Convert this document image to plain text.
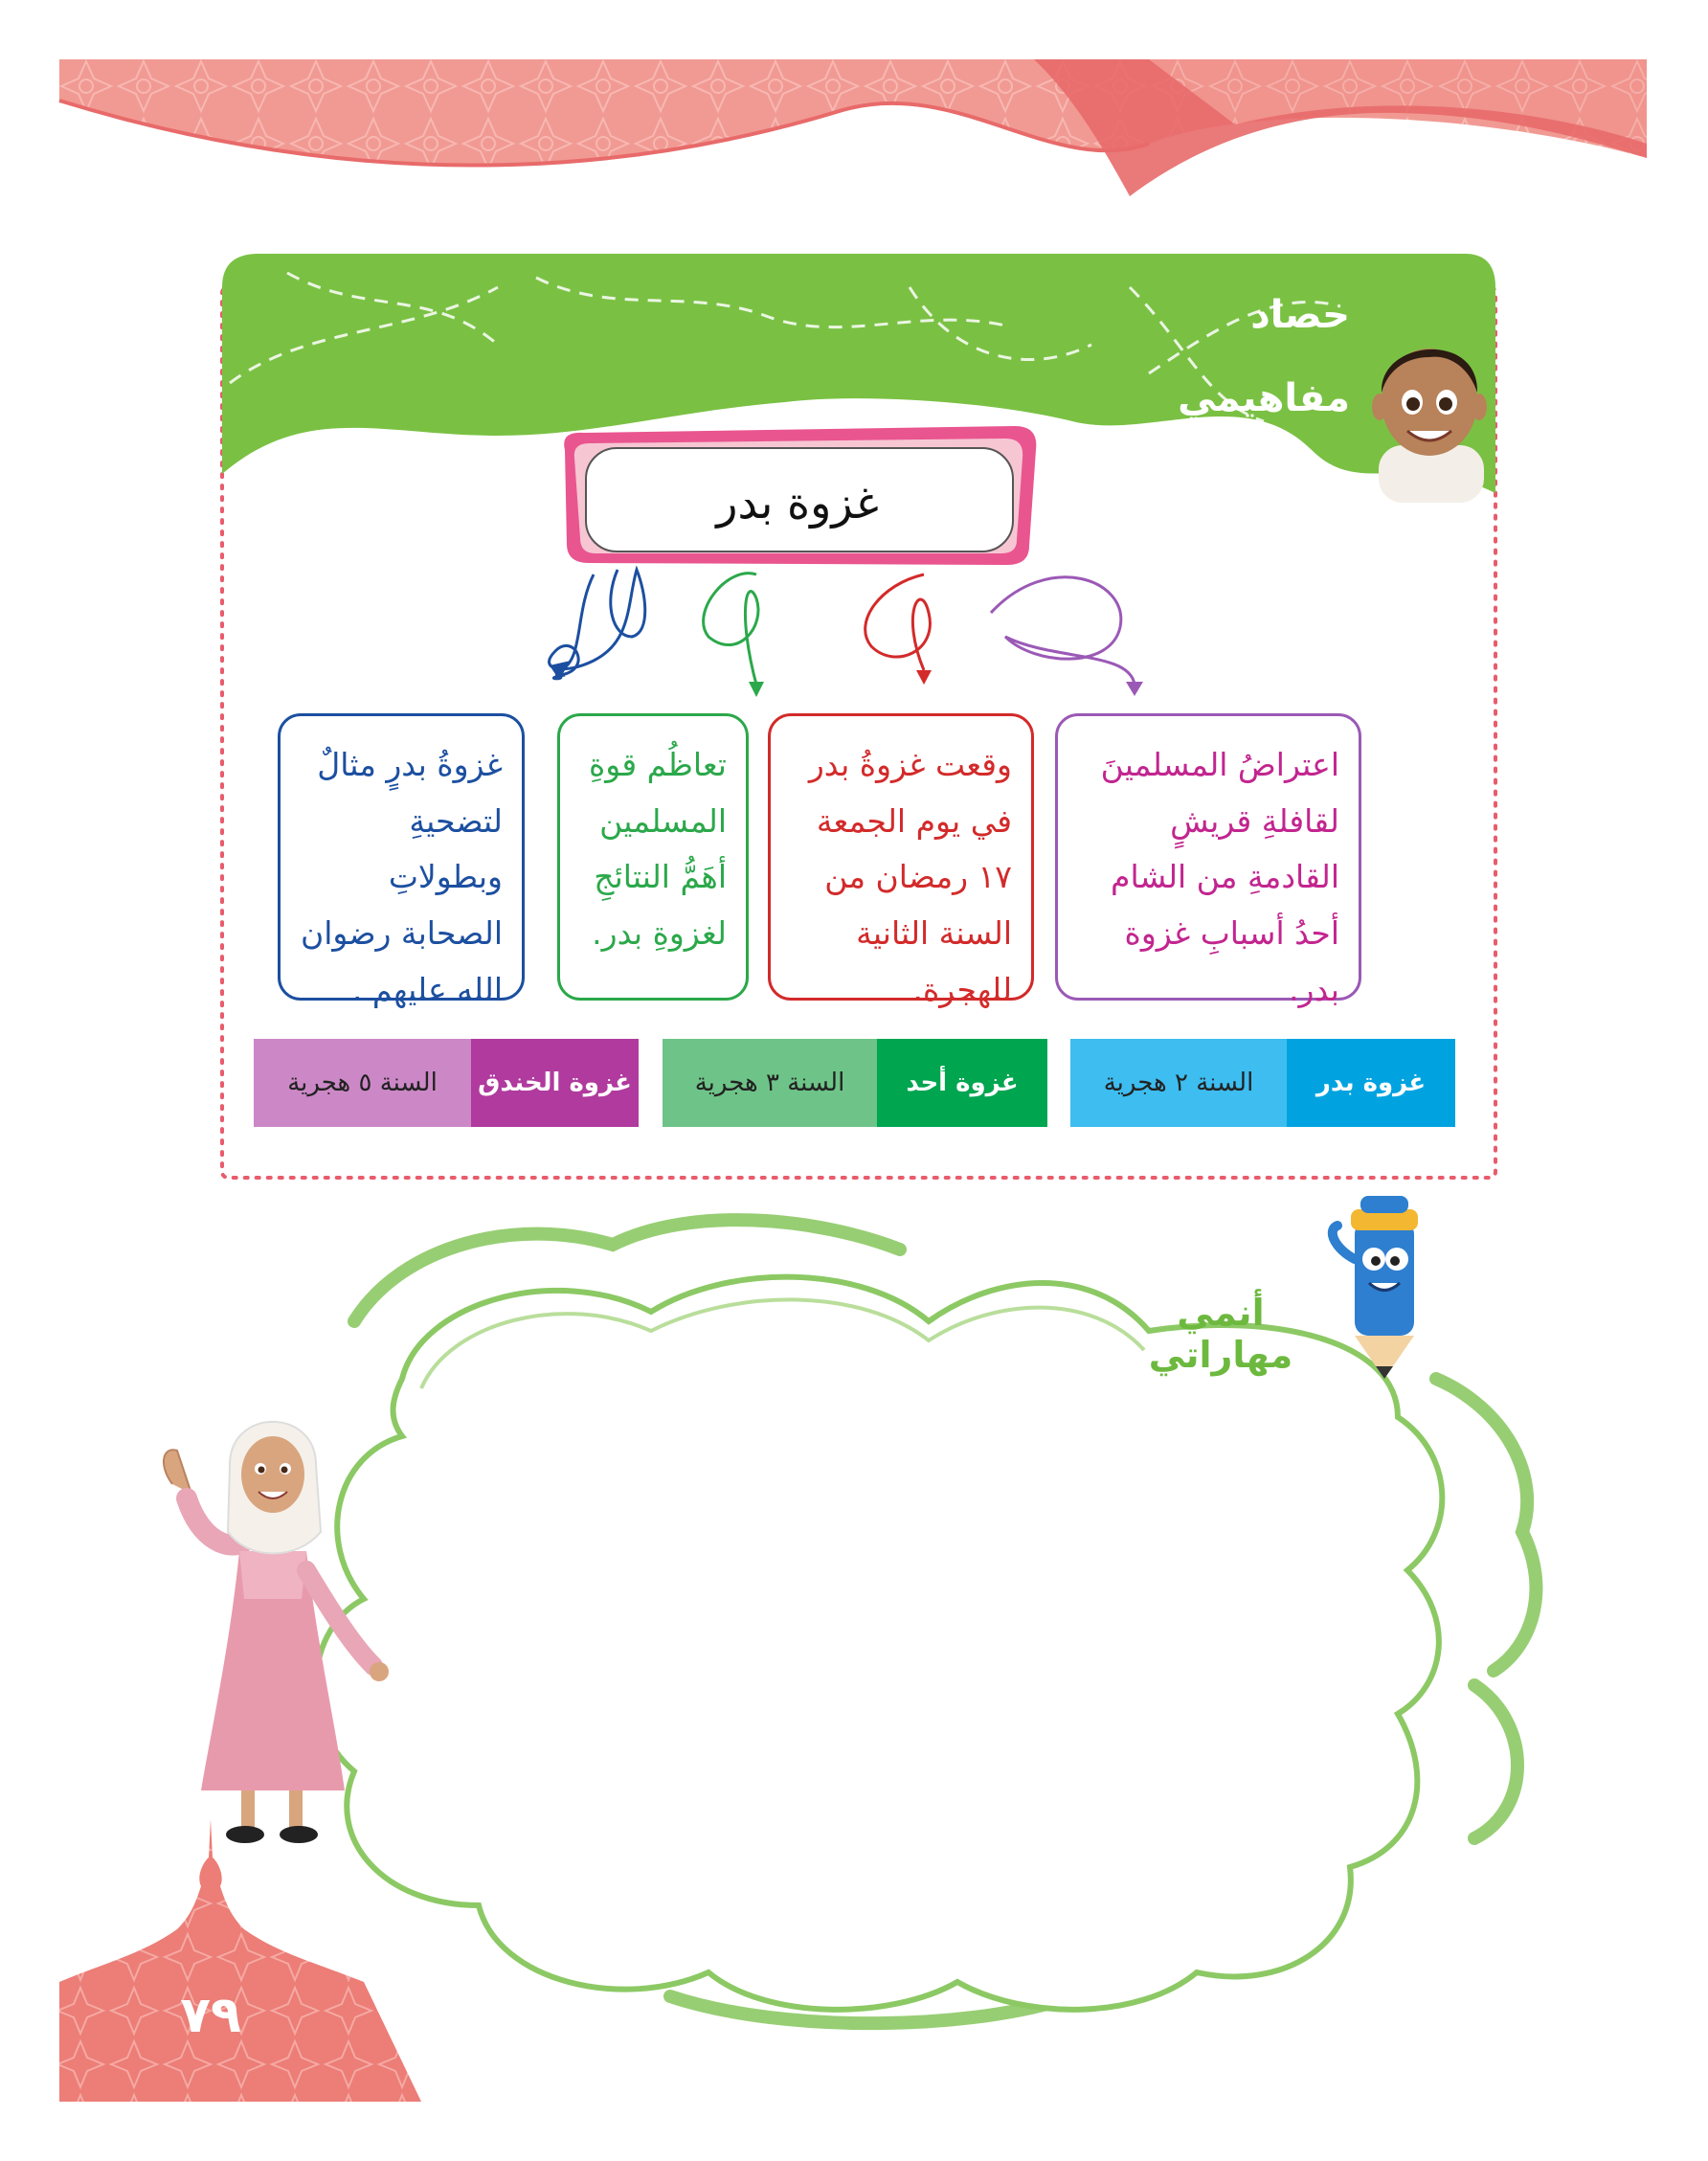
حصاد
مفاهيمي
غزوة بدر
اعتراضُ المسلمينَ لقافلةِ قريشٍ القادمةِ من الشام أحدُ أسبابِ غزوة بدر.
وقعت غزوةُ بدر في يوم الجمعة ١٧ رمضان من السنة الثانية للهجرة.
تعاظُم قوةِ المسلمين أهَمُّ النتائجِ لغزوةِ بدر.
غزوةُ بدرٍ مثالٌ لتضحيةِ وبطولاتِ الصحابة رضوان الله عليهم .
غزوة بدر
السنة ٢ هجرية
غزوة أحد
السنة ٣ هجرية
غزوة الخندق
السنة ٥ هجرية
أنمي
مهاراتي
٧٩
